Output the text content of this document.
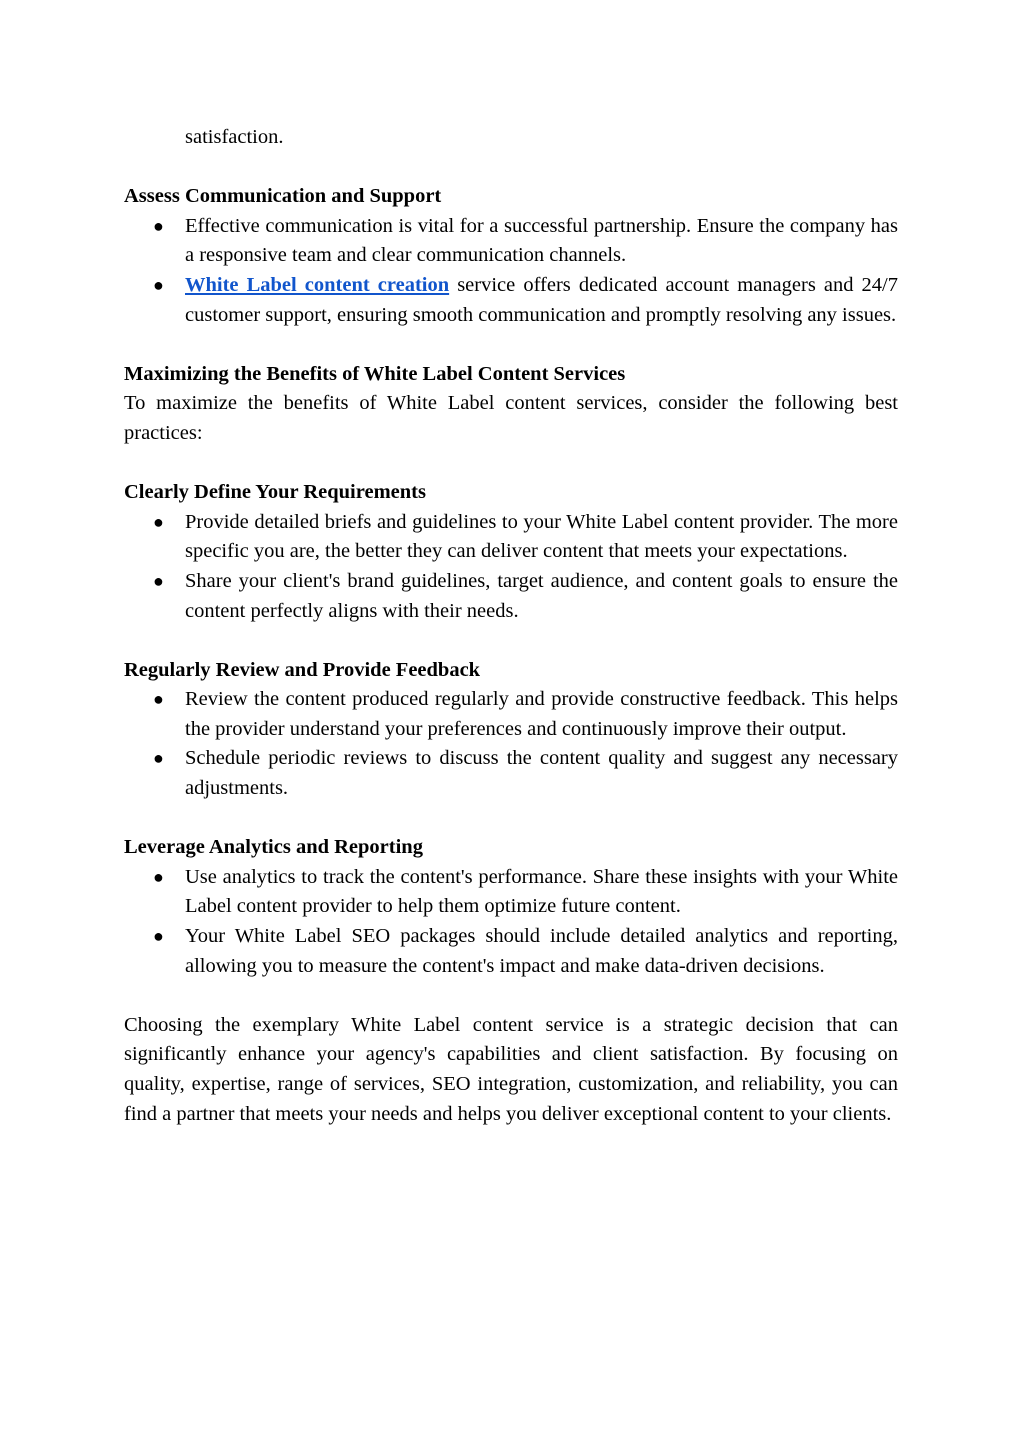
satisfaction.

Assess Communication and Support

● Effective communication is vital for a successful partnership. Ensure the company has a responsive team and clear communication channels.
● White Label content creation service offers dedicated account managers and 24/7 customer support, ensuring smooth communication and promptly resolving any issues.

Maximizing the Benefits of White Label Content Services

To maximize the benefits of White Label content services, consider the following best practices:

Clearly Define Your Requirements

● Provide detailed briefs and guidelines to your White Label content provider. The more specific you are, the better they can deliver content that meets your expectations.
● Share your client's brand guidelines, target audience, and content goals to ensure the content perfectly aligns with their needs.

Regularly Review and Provide Feedback

● Review the content produced regularly and provide constructive feedback. This helps the provider understand your preferences and continuously improve their output.
● Schedule periodic reviews to discuss the content quality and suggest any necessary adjustments.

Leverage Analytics and Reporting

● Use analytics to track the content's performance. Share these insights with your White Label content provider to help them optimize future content.
● Your White Label SEO packages should include detailed analytics and reporting, allowing you to measure the content's impact and make data-driven decisions.

Choosing the exemplary White Label content service is a strategic decision that can significantly enhance your agency's capabilities and client satisfaction. By focusing on quality, expertise, range of services, SEO integration, customization, and reliability, you can find a partner that meets your needs and helps you deliver exceptional content to your clients.
